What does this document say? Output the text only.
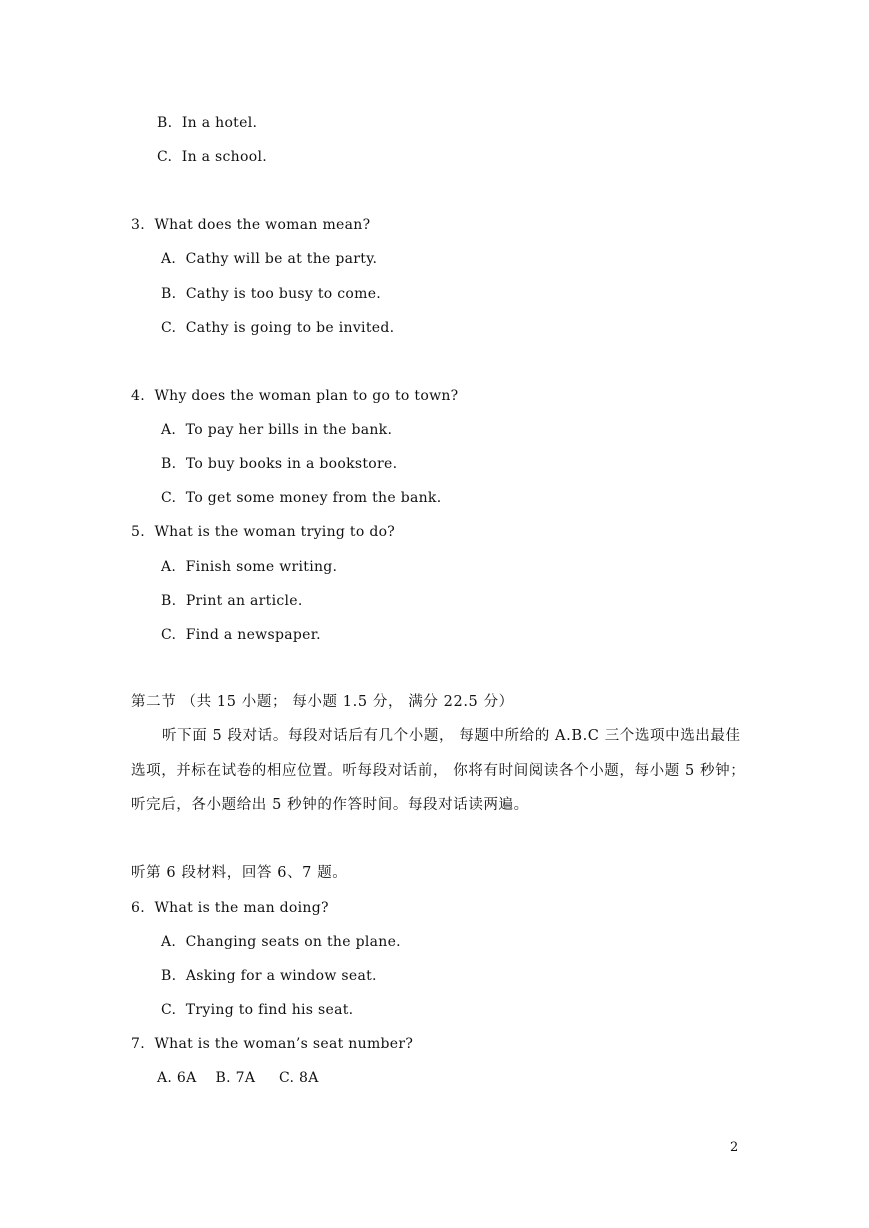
B.  In a hotel.
C.  In a school.
3.  What does the woman mean?
A.  Cathy will be at the party.
B.  Cathy is too busy to come.
C.  Cathy is going to be invited.
4.  Why does the woman plan to go to town?
A.  To pay her bills in the bank.
B.  To buy books in a bookstore.
C.  To get some money from the bank.
5.  What is the woman trying to do?
A.  Finish some writing.
B.  Print an article.
C.  Find a newspaper.
第二节 （共 15 小题； 每小题 1.5 分， 满分 22.5 分）
听下面 5 段对话。每段对话后有几个小题， 每题中所给的 A.B.C 三个选项中选出最佳
选项，并标在试卷的相应位置。听每段对话前， 你将有时间阅读各个小题，每小题 5 秒钟；
听完后，各小题给出 5 秒钟的作答时间。每段对话读两遍。
听第 6 段材料，回答 6、7 题。
6.  What is the man doing?
A.  Changing seats on the plane.
B.  Asking for a window seat.
C.  Trying to find his seat.
7.  What is the woman’s seat number?
A. 6A    B. 7A     C. 8A
2
